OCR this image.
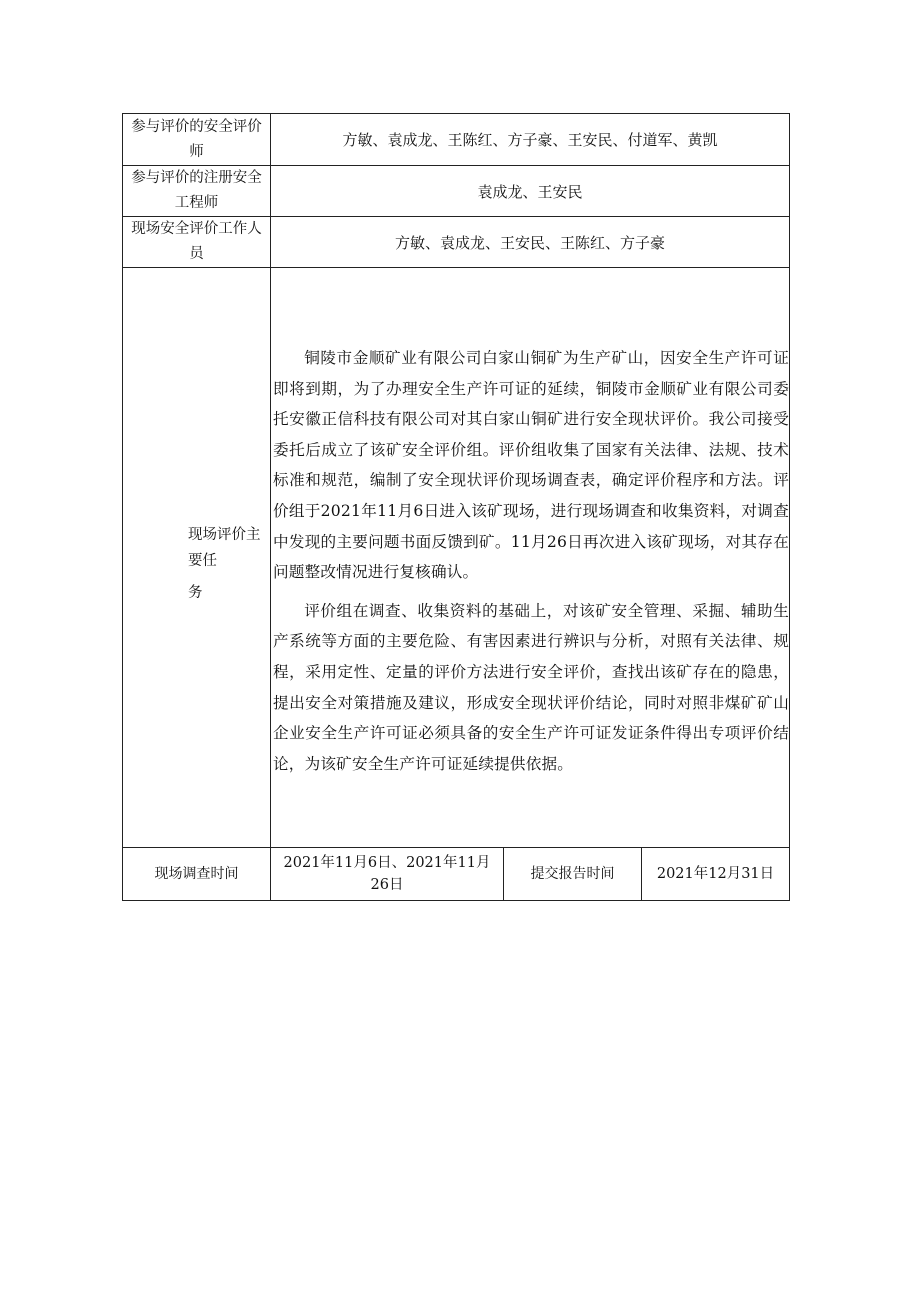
参与评价的安全评价师
方敏、袁成龙、王陈红、方子豪、王安民、付道军、黄凯
参与评价的注册安全工程师
袁成龙、王安民
现场安全评价工作人员
方敏、袁成龙、王安民、王陈红、方子豪
现场评价主
要任
务

铜陵市金顺矿业有限公司白家山铜矿为生产矿山，因安全生产许可证即将到期，为了办理安全生产许可证的延续，铜陵市金顺矿业有限公司委托安徽正信科技有限公司对其白家山铜矿进行安全现状评价。我公司接受委托后成立了该矿安全评价组。评价组收集了国家有关法律、法规、技术标准和规范，编制了安全现状评价现场调查表，确定评价程序和方法。评价组于2021年11月6日进入该矿现场，进行现场调查和收集资料，对调查中发现的主要问题书面反馈到矿。11月26日再次进入该矿现场，对其存在问题整改情况进行复核确认。

评价组在调查、收集资料的基础上，对该矿安全管理、采掘、辅助生产系统等方面的主要危险、有害因素进行辨识与分析，对照有关法律、规程，采用定性、定量的评价方法进行安全评价，查找出该矿存在的隐患，提出安全对策措施及建议，形成安全现状评价结论，同时对照非煤矿矿山企业安全生产许可证必须具备的安全生产许可证发证条件得出专项评价结论，为该矿安全生产许可证延续提供依据。

现场调查时间
2021年11月6日、2021年11月26日
提交报告时间	2021年12月31日
